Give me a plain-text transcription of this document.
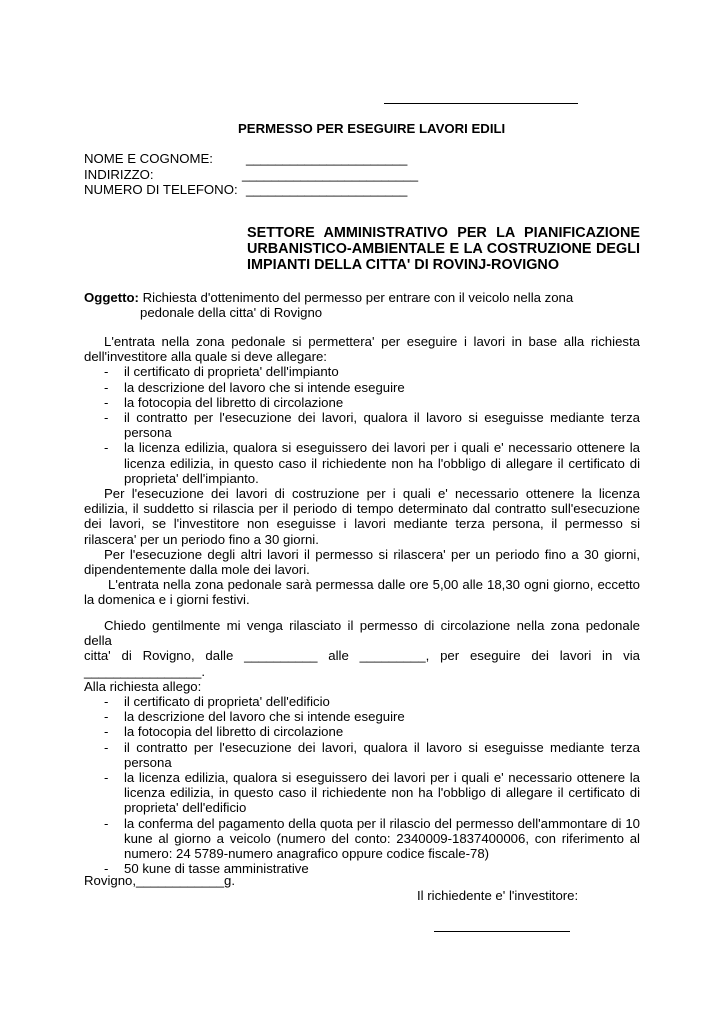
PERMESSO PER ESEGUIRE LAVORI EDILI
NOME E COGNOME:	______________________
INDIRIZZO:	________________________
NUMERO DI TELEFONO: ______________________
SETTORE AMMINISTRATIVO PER LA PIANIFICAZIONE
URBANISTICO-AMBIENTALE E LA COSTRUZIONE DEGLI
IMPIANTI DELLA CITTA' DI ROVINJ-ROVIGNO
Oggetto: Richiesta d'ottenimento del permesso per entrare con il veicolo nella zona
pedonale della citta' di Rovigno

L'entrata nella zona pedonale si permettera' per eseguire i lavori in base alla richiesta

dell'investitore alla quale si deve allegare:

- il certificato di proprieta' dell'impianto
- la descrizione del lavoro che si intende eseguire
- la fotocopia del libretto di circolazione
- il contratto per l'esecuzione dei lavori, qualora il lavoro si eseguisse mediante terza persona
- la licenza edilizia, qualora si eseguissero dei lavori per i quali e' necessario ottenere la licenza edilizia, in questo caso il richiedente non ha l'obbligo di allegare il certificato di proprieta' dell'impianto.

Per l'esecuzione dei lavori di costruzione per i quali e' necessario ottenere la licenza edilizia, il suddetto si rilascia per il periodo di tempo determinato dal contratto sull'esecuzione dei lavori, se l'investitore non eseguisse i lavori mediante terza persona, il permesso si rilascera' per un periodo fino a 30 giorni.

Per l'esecuzione degli altri lavori il permesso si rilascera' per un periodo fino a 30 giorni, dipendentemente dalla mole dei lavori.

L'entrata nella zona pedonale sarà permessa dalle ore 5,00 alle 18,30 ogni giorno, eccetto la domenica e i giorni festivi.

Chiedo gentilmente mi venga rilasciato il permesso di circolazione nella zona pedonale della

citta' di Rovigno, dalle __________ alle _________, per eseguire dei lavori in via

________________.

Alla richiesta allego:

- il certificato di proprieta' dell'edificio
- la descrizione del lavoro che si intende eseguire
- la fotocopia del libretto di circolazione
- il contratto per l'esecuzione dei lavori, qualora il lavoro si eseguisse mediante terza persona
- la licenza edilizia, qualora si eseguissero dei lavori per i quali e' necessario ottenere la licenza edilizia, in questo caso il richiedente non ha l'obbligo di allegare il certificato di proprieta' dell'edificio
- la conferma del pagamento della quota per il rilascio del permesso dell'ammontare di 10 kune al giorno a veicolo (numero del conto: 2340009-1837400006, con riferimento al numero: 24 5789-numero anagrafico oppure codice fiscale-78)
- 50 kune di tasse amministrative
Rovigno,____________g.
Il richiedente e' l'investitore:
